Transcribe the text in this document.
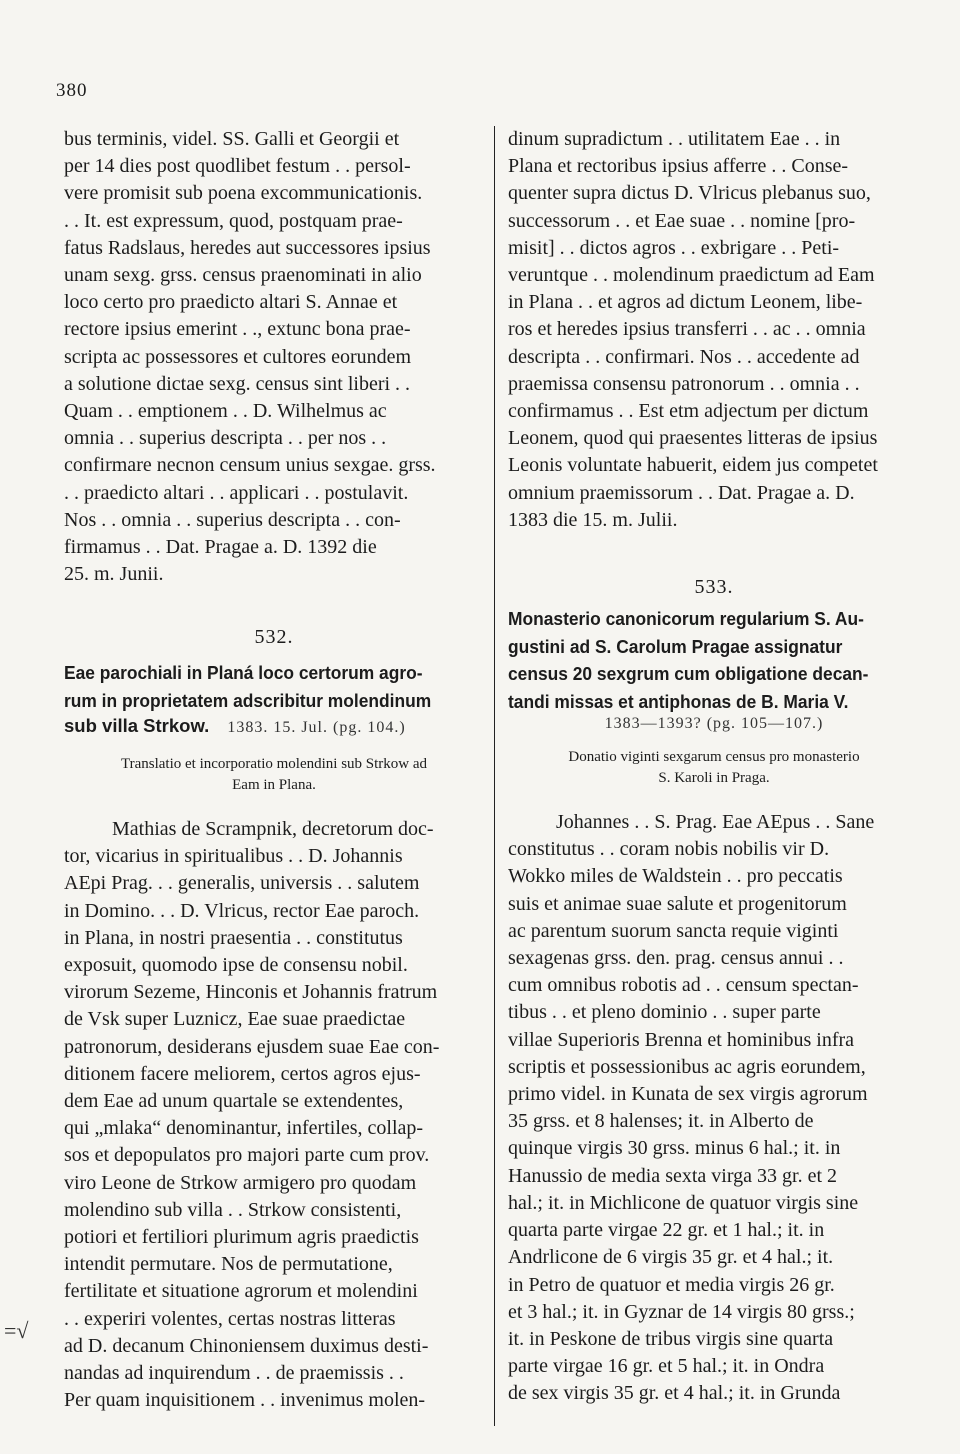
380
=√

bus terminis, videl. SS. Galli et Georgii et
per 14 dies post quodlibet festum . . persol-
vere promisit sub poena excommunicationis.
. . It. est expressum, quod, postquam prae-
fatus Radslaus, heredes aut successores ipsius
unam sexg. grss. census praenominati in alio
loco certo pro praedicto altari S. Annae et
rectore ipsius emerint . ., extunc bona prae-
scripta ac possessores et cultores eorundem
a solutione dictae sexg. census sint liberi . .
Quam . . emptionem . . D. Wilhelmus ac
omnia . . superius descripta . . per nos . .
confirmare necnon censum unius sexgae. grss.
. . praedicto altari . . applicari . . postulavit.
Nos . . omnia . . superius descripta . . con-
firmamus . . Dat. Pragae a. D. 1392 die
25. m. Junii.

532.

Eae parochiali in Planá loco certorum agro-
rum in proprietatem adscribitur molendinum
sub villa Strkow. 1383. 15. Jul. (pg. 104.)
Translatio et incorporatio molendini sub Strkow ad
Eam in Plana.

Mathias de Scrampnik, decretorum doc-
tor, vicarius in spiritualibus . . D. Johannis
AEpi Prag. . . generalis, universis . . salutem
in Domino. . . D. Vlricus, rector Eae paroch.
in Plana, in nostri praesentia . . constitutus
exposuit, quomodo ipse de consensu nobil.
virorum Sezeme, Hinconis et Johannis fratrum
de Vsk super Luznicz, Eae suae praedictae
patronorum, desiderans ejusdem suae Eae con-
ditionem facere meliorem, certos agros ejus-
dem Eae ad unum quartale se extendentes,
qui „mlaka“ denominantur, infertiles, collap-
sos et depopulatos pro majori parte cum prov.
viro Leone de Strkow armigero pro quodam
molendino sub villa . . Strkow consistenti,
potiori et fertiliori plurimum agris praedictis
intendit permutare. Nos de permutatione,
fertilitate et situatione agrorum et molendini
. . experiri volentes, certas nostras litteras
ad D. decanum Chinoniensem duximus desti-
nandas ad inquirendum . . de praemissis . .
Per quam inquisitionem . . invenimus molen-

dinum supradictum . . utilitatem Eae . . in
Plana et rectoribus ipsius afferre . . Conse-
quenter supra dictus D. Vlricus plebanus suo,
successorum . . et Eae suae . . nomine [pro-
misit] . . dictos agros . . exbrigare . . Peti-
veruntque . . molendinum praedictum ad Eam
in Plana . . et agros ad dictum Leonem, libe-
ros et heredes ipsius transferri . . ac . . omnia
descripta . . confirmari. Nos . . accedente ad
praemissa consensu patronorum . . omnia . .
confirmamus . . Est etm adjectum per dictum
Leonem, quod qui praesentes litteras de ipsius
Leonis voluntate habuerit, eidem jus competet
omnium praemissorum . . Dat. Pragae a. D.
1383 die 15. m. Julii.

533.

Monasterio canonicorum regularium S. Au-
gustini ad S. Carolum Pragae assignatur
census 20 sexgrum cum obligatione decan-
tandi missas et antiphonas de B. Maria V.

1383—1393? (pg. 105—107.)

Donatio viginti sexgarum census pro monasterio
S. Karoli in Praga.

Johannes . . S. Prag. Eae AEpus . . Sane
constitutus . . coram nobis nobilis vir D.
Wokko miles de Waldstein . . pro peccatis
suis et animae suae salute et progenitorum
ac parentum suorum sancta requie viginti
sexagenas grss. den. prag. census annui . .
cum omnibus robotis ad . . censum spectan-
tibus . . et pleno dominio . . super parte
villae Superioris Brenna et hominibus infra
scriptis et possessionibus ac agris eorundem,
primo videl. in Kunata de sex virgis agrorum
35 grss. et 8 halenses; it. in Alberto de
quinque virgis 30 grss. minus 6 hal.; it. in
Hanussio de media sexta virga 33 gr. et 2
hal.; it. in Michlicone de quatuor virgis sine
quarta parte virgae 22 gr. et 1 hal.; it. in
Andrlicone de 6 virgis 35 gr. et 4 hal.; it.
in Petro de quatuor et media virgis 26 gr.
et 3 hal.; it. in Gyznar de 14 virgis 80 grss.;
it. in Peskone de tribus virgis sine quarta
parte virgae 16 gr. et 5 hal.; it. in Ondra
de sex virgis 35 gr. et 4 hal.; it. in Grunda
